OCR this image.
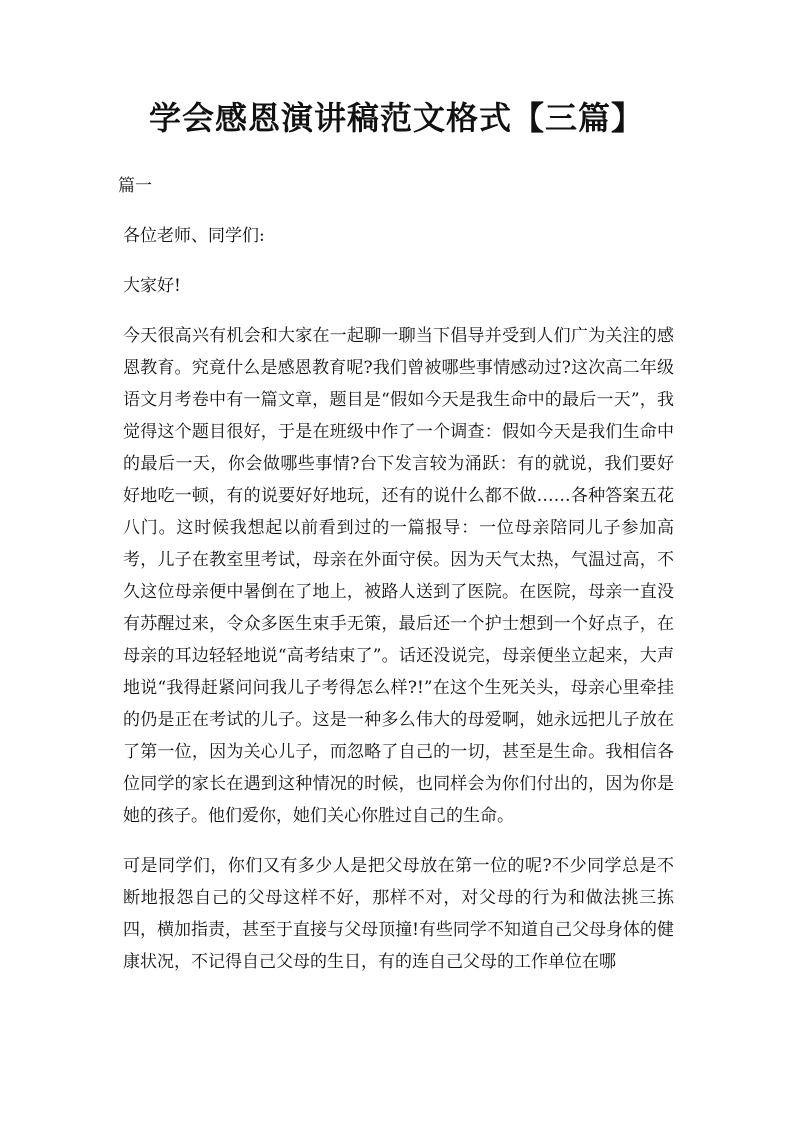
学会感恩演讲稿范文格式【三篇】

篇一

各位老师、同学们:

大家好!

今天很高兴有机会和大家在一起聊一聊当下倡导并受到人们广为关注的感恩教育。究竟什么是感恩教育呢?我们曾被哪些事情感动过?这次高二年级语文月考卷中有一篇文章，题目是“假如今天是我生命中的最后一天”，我觉得这个题目很好，于是在班级中作了一个调查：假如今天是我们生命中的最后一天，你会做哪些事情?台下发言较为涌跃：有的就说，我们要好好地吃一顿，有的说要好好地玩，还有的说什么都不做……各种答案五花八门。这时候我想起以前看到过的一篇报导：一位母亲陪同儿子参加高考，儿子在教室里考试，母亲在外面守侯。因为天气太热，气温过高，不久这位母亲便中暑倒在了地上，被路人送到了医院。在医院，母亲一直没有苏醒过来，令众多医生束手无策，最后还一个护士想到一个好点子，在母亲的耳边轻轻地说“高考结束了”。话还没说完，母亲便坐立起来，大声地说“我得赶紧问问我儿子考得怎么样?!”在这个生死关头，母亲心里牵挂的仍是正在考试的儿子。这是一种多么伟大的母爱啊，她永远把儿子放在了第一位，因为关心儿子，而忽略了自己的一切，甚至是生命。我相信各位同学的家长在遇到这种情况的时候，也同样会为你们付出的，因为你是她的孩子。他们爱你，她们关心你胜过自己的生命。

可是同学们，你们又有多少人是把父母放在第一位的呢?不少同学总是不断地报怨自己的父母这样不好，那样不对，对父母的行为和做法挑三拣四，横加指责，甚至于直接与父母顶撞!有些同学不知道自己父母身体的健康状况，不记得自己父母的生日，有的连自己父母的工作单位在哪
